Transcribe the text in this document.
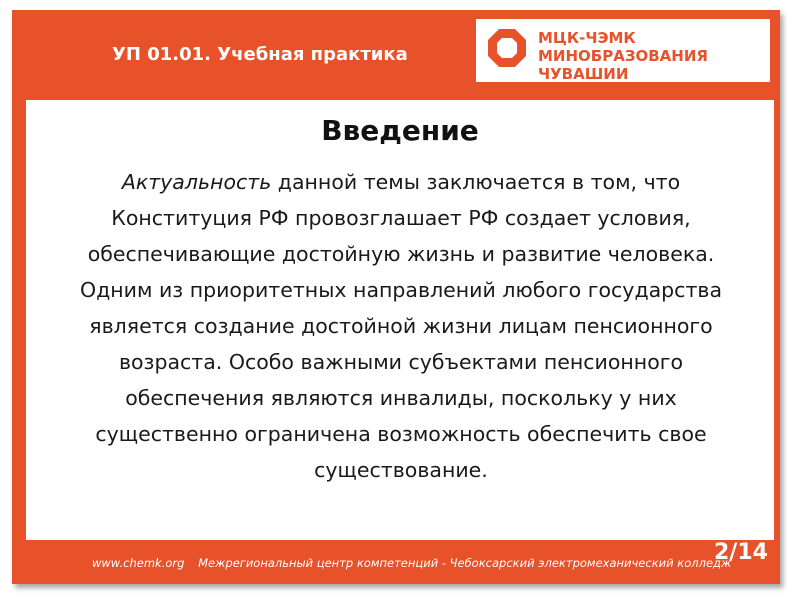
УП 01.01. Учебная практика
МЦК-ЧЭМК
МИНОБРАЗОВАНИЯ ЧУВАШИИ
Введение
Актуальность данной темы заключается в том, что Конституция РФ провозглашает РФ создает условия, обеспечивающие достойную жизнь и развитие человека. Одним из приоритетных направлений любого государства является создание достойной жизни лицам пенсионного возраста. Особо важными субъектами пенсионного обеспечения являются инвалиды, поскольку у них существенно ограничена возможность обеспечить свое существование.
www.chemk.org Межрегиональный центр компетенций - Чебоксарский электромеханический колледж
2/14
